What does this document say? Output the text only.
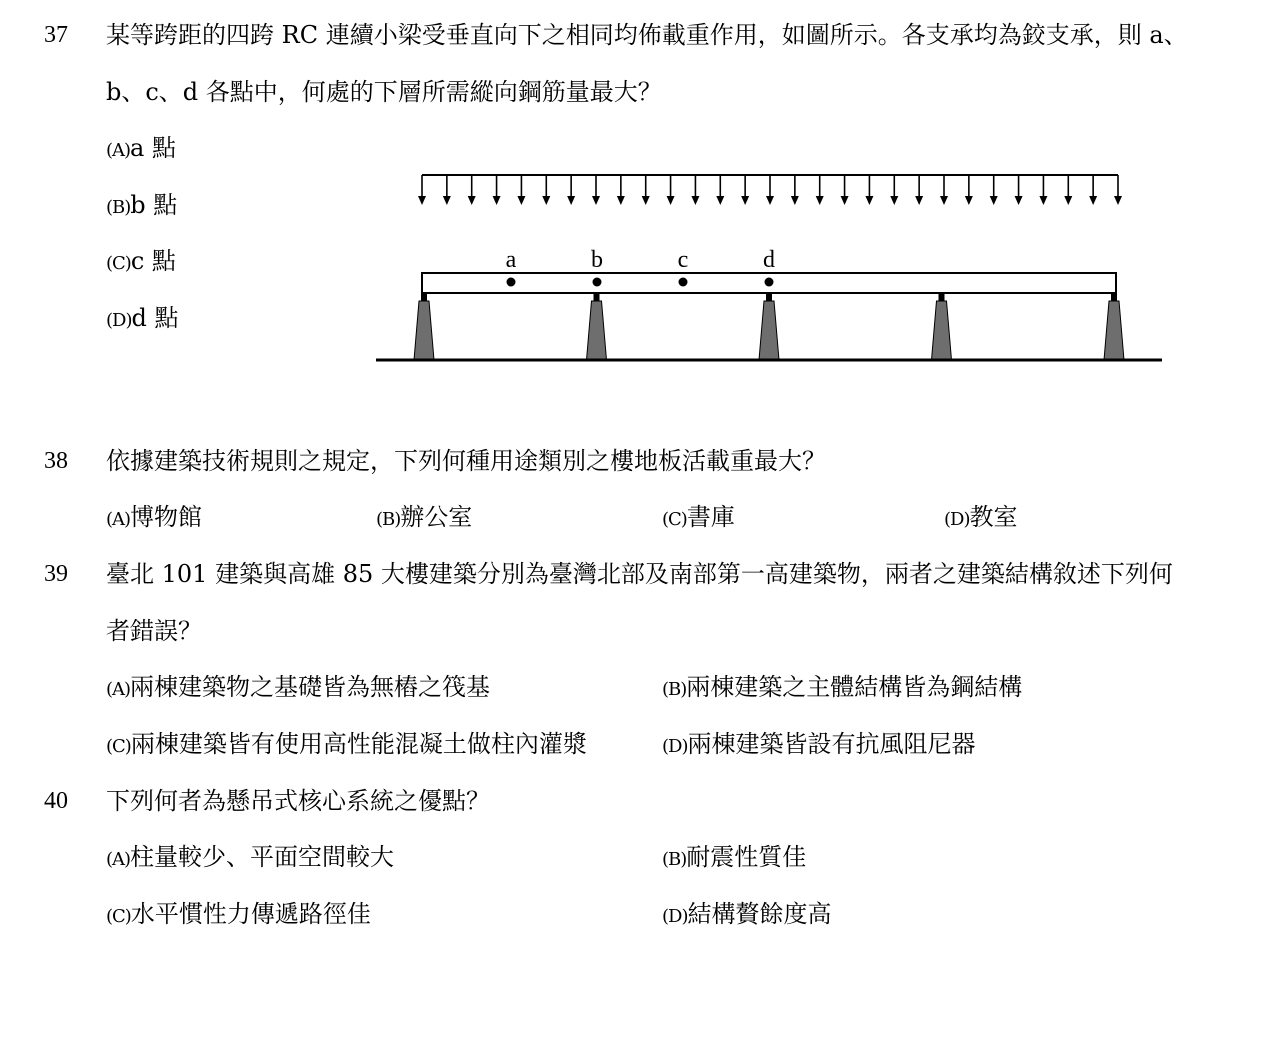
37 某等跨距的四跨 RC 連續小梁受垂直向下之相同均佈載重作用，如圖所示。各支承均為鉸支承，則 a、
b、c、d 各點中，何處的下層所需縱向鋼筋量最大？
(A)a 點
(B)b 點
(C)c 點
(D)d 點
a	b	c	d
38 依據建築技術規則之規定，下列何種用途類別之樓地板活載重最大？
(A)博物館	(B)辦公室	(C)書庫	(D)教室
39 臺北 101 建築與高雄 85 大樓建築分別為臺灣北部及南部第一高建築物，兩者之建築結構敘述下列何
者錯誤？
(A)兩棟建築物之基礎皆為無樁之筏基	(B)兩棟建築之主體結構皆為鋼結構
(C)兩棟建築皆有使用高性能混凝土做柱內灌漿	(D)兩棟建築皆設有抗風阻尼器
40 下列何者為懸吊式核心系統之優點？
(A)柱量較少、平面空間較大	(B)耐震性質佳
(C)水平慣性力傳遞路徑佳	(D)結構贅餘度高
